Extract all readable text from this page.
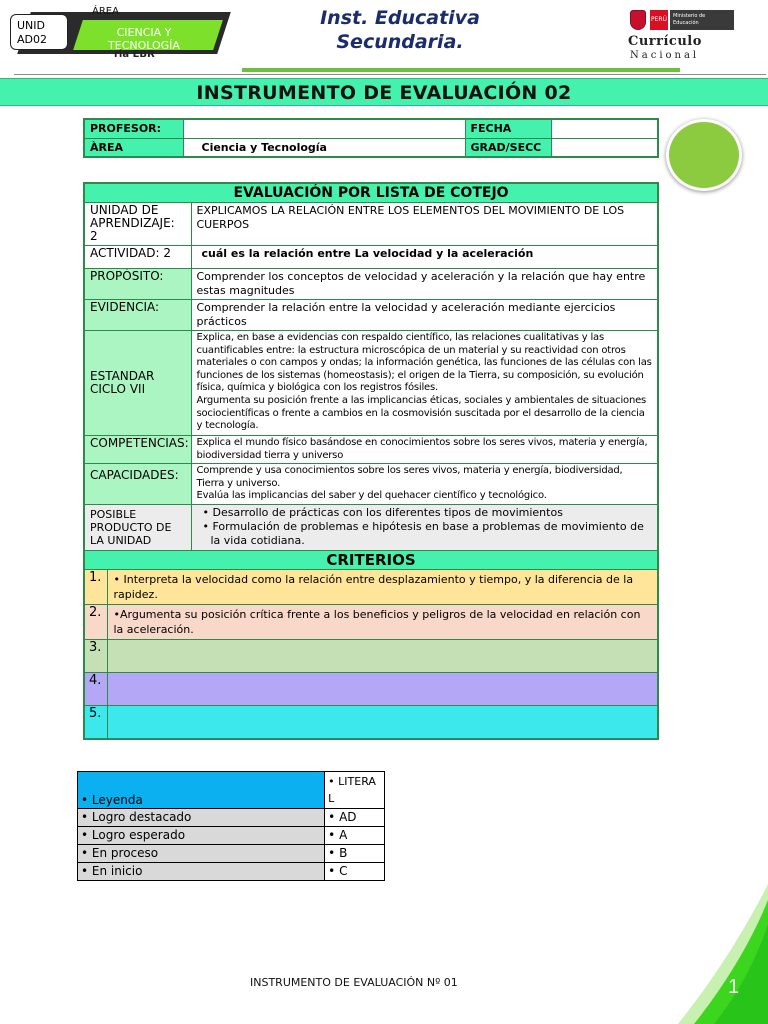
UNID AD02
ÁREA
CIENCIA Y TECNOLOGÍA
ria EBR
Inst. Educativa Secundaria.
PERÚ	Ministerio de Educación
Currículo
Nacional
INSTRUMENTO DE EVALUACIÓN 02
PROFESOR:		FECHA	
ÀREA	Ciencia y Tecnología	GRAD/SECC	
EVALUACIÓN POR LISTA DE COTEJO		
UNIDAD DE APRENDIZAJE: 2		EXPLICAMOS LA RELACIÓN ENTRE LOS ELEMENTOS DEL MOVIMIENTO DE LOS CUERPOS
ACTIVIDAD: 2		cuál es la relación entre La velocidad y la aceleración
PROPÓSITO:		Comprender los conceptos de velocidad y aceleración y la relación que hay entre estas magnitudes
EVIDENCIA:		Comprender la relación entre la velocidad y aceleración mediante ejercicios prácticos
ESTANDAR CICLO VII		Explica, en base a evidencias con respaldo científico, las relaciones cualitativas y las cuantificables entre: la estructura microscópica de un material y su reactividad con otros materiales o con campos y ondas; la información genética, las funciones de las células con las funciones de los sistemas (homeostasis); el origen de la Tierra, su composición, su evolución física, química y biológica con los registros fósiles.
Argumenta su posición frente a las implicancias éticas, sociales y ambientales de situaciones sociocientíficas o frente a cambios en la cosmovisión suscitada por el desarrollo de la ciencia y tecnología.

COMPETENCIAS:		Explica el mundo físico basándose en conocimientos sobre los seres vivos, materia y energía, biodiversidad tierra y universo
CAPACIDADES:		Comprende y usa conocimientos sobre los seres vivos, materia y energía, biodiversidad, Tierra y universo.
Evalúa las implicancias del saber y del quehacer científico y tecnológico.

POSIBLE PRODUCTO DE LA UNIDAD		• Desarrollo de prácticas con los diferentes tipos de movimientos
• Formulación de problemas e hipótesis en base a problemas de movimiento de la vida cotidiana.

CRITERIOS		
1.	• Interpreta la velocidad como la relación entre desplazamiento y tiempo, y la diferencia de la rapidez.	
2.	•Argumenta su posición crítica frente a los beneficios y peligros de la velocidad en relación con la aceleración.	
3.		
4.		
5.		
• Leyenda	• LITERAL
• Logro destacado	• AD
• Logro esperado	• A
• En proceso	• B
• En inicio	• C
INSTRUMENTO DE EVALUACIÓN Nº 01	1
